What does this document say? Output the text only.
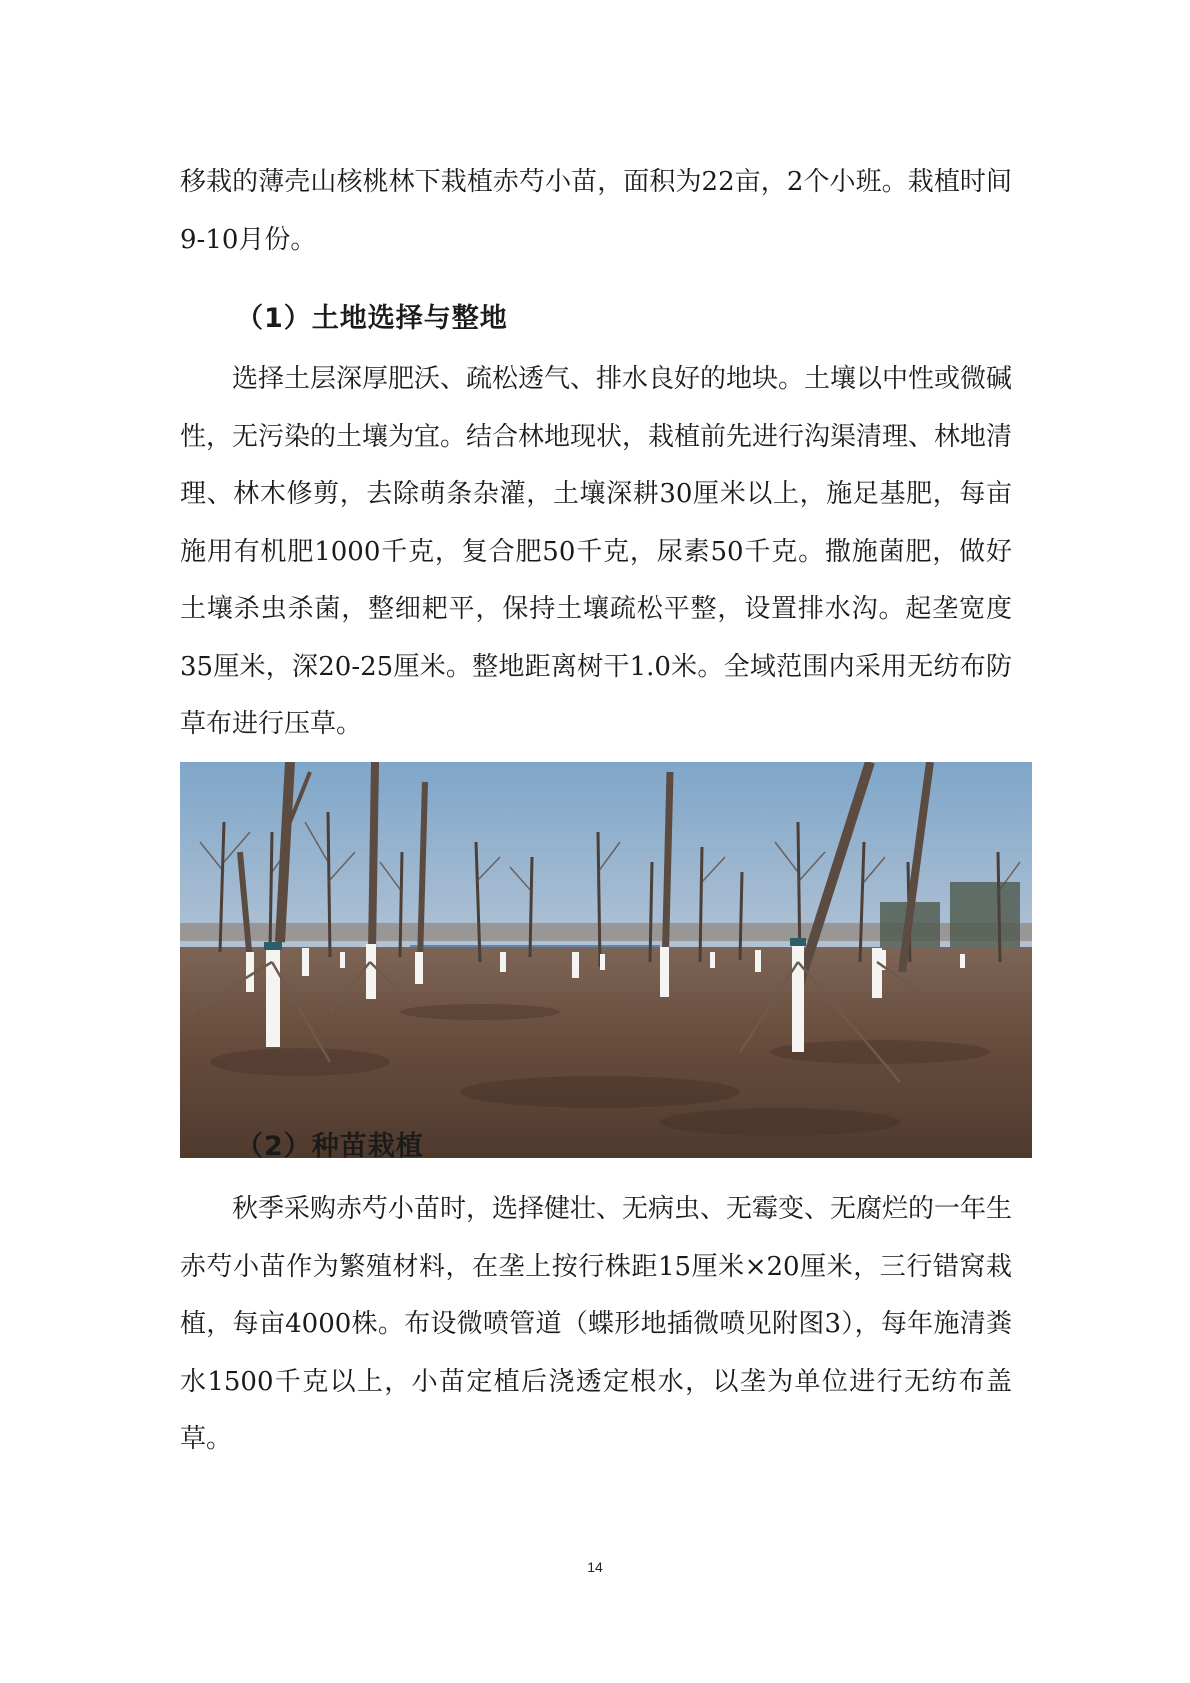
移栽的薄壳山核桃林下栽植赤芍小苗，面积为22亩，2个小班。栽植时间9-10月份。

（1）土地选择与整地

选择土层深厚肥沃、疏松透气、排水良好的地块。土壤以中性或微碱性，无污染的土壤为宜。结合林地现状，栽植前先进行沟渠清理、林地清理、林木修剪，去除萌条杂灌，土壤深耕30厘米以上，施足基肥，每亩施用有机肥1000千克，复合肥50千克，尿素50千克。撒施菌肥，做好土壤杀虫杀菌，整细耙平，保持土壤疏松平整，设置排水沟。起垄宽度35厘米，深20-25厘米。整地距离树干1.0米。全域范围内采用无纺布防草布进行压草。

（2）种苗栽植

秋季采购赤芍小苗时，选择健壮、无病虫、无霉变、无腐烂的一年生赤芍小苗作为繁殖材料，在垄上按行株距15厘米×20厘米，三行错窝栽植，每亩4000株。布设微喷管道（蝶形地插微喷见附图3），每年施清粪水1500千克以上，小苗定植后浇透定根水，以垄为单位进行无纺布盖草。

14
